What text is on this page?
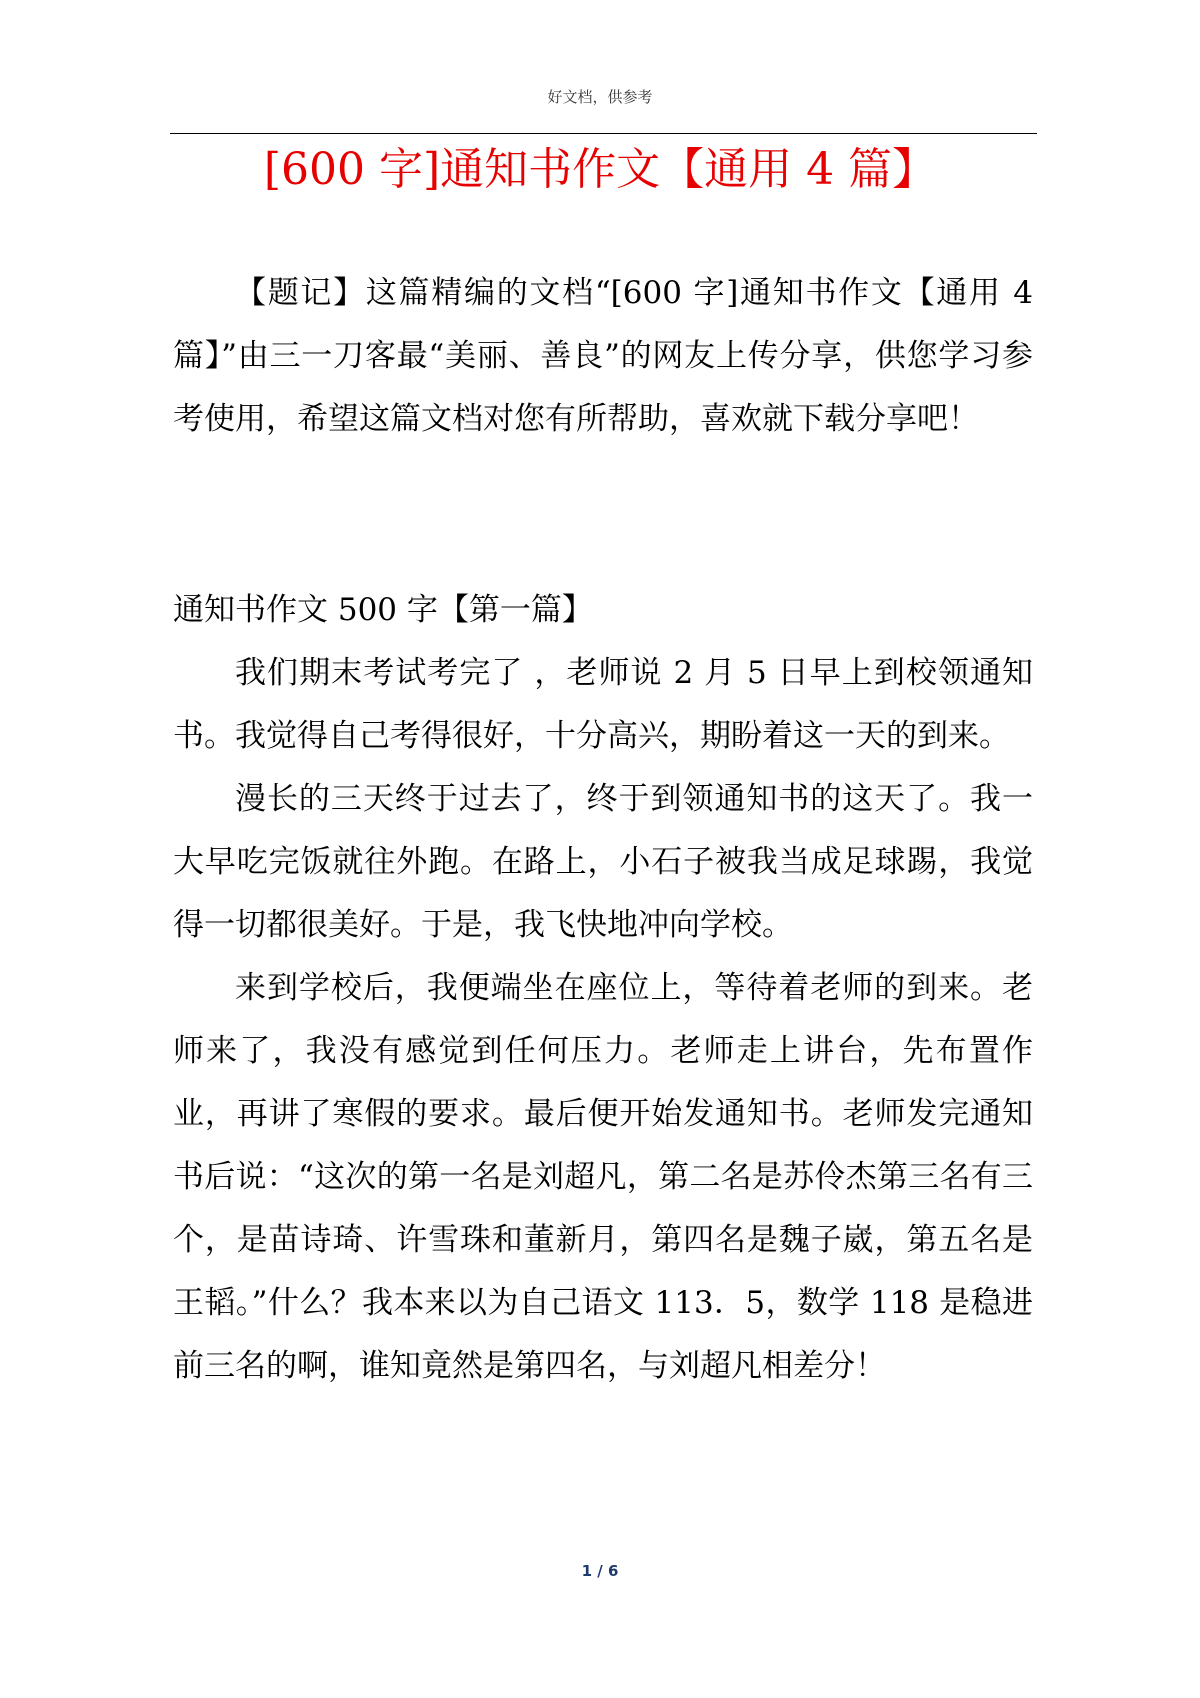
好文档，供参考
[600 字]通知书作文【通用 4 篇】

【题记】这篇精编的文档“[600 字]通知书作文【通用 4 篇】”由三一刀客最“美丽、善良”的网友上传分享，供您学习参考使用，希望这篇文档对您有所帮助，喜欢就下载分享吧！

通知书作文 500 字【第一篇】

我们期末考试考完了 ，老师说 2 月 5 日早上到校领通知书。我觉得自己考得很好，十分高兴，期盼着这一天的到来。

漫长的三天终于过去了，终于到领通知书的这天了。我一大早吃完饭就往外跑。在路上，小石子被我当成足球踢，我觉得一切都很美好。于是，我飞快地冲向学校。

来到学校后，我便端坐在座位上，等待着老师的到来。老师来了，我没有感觉到任何压力。老师走上讲台，先布置作业，再讲了寒假的要求。最后便开始发通知书。老师发完通知书后说：“这次的第一名是刘超凡，第二名是苏伶杰第三名有三个，是苗诗琦、许雪珠和董新月，第四名是魏子崴，第五名是王韬。”什么？我本来以为自己语文 113．5，数学 118 是稳进前三名的啊，谁知竟然是第四名，与刘超凡相差分！

1 / 6
